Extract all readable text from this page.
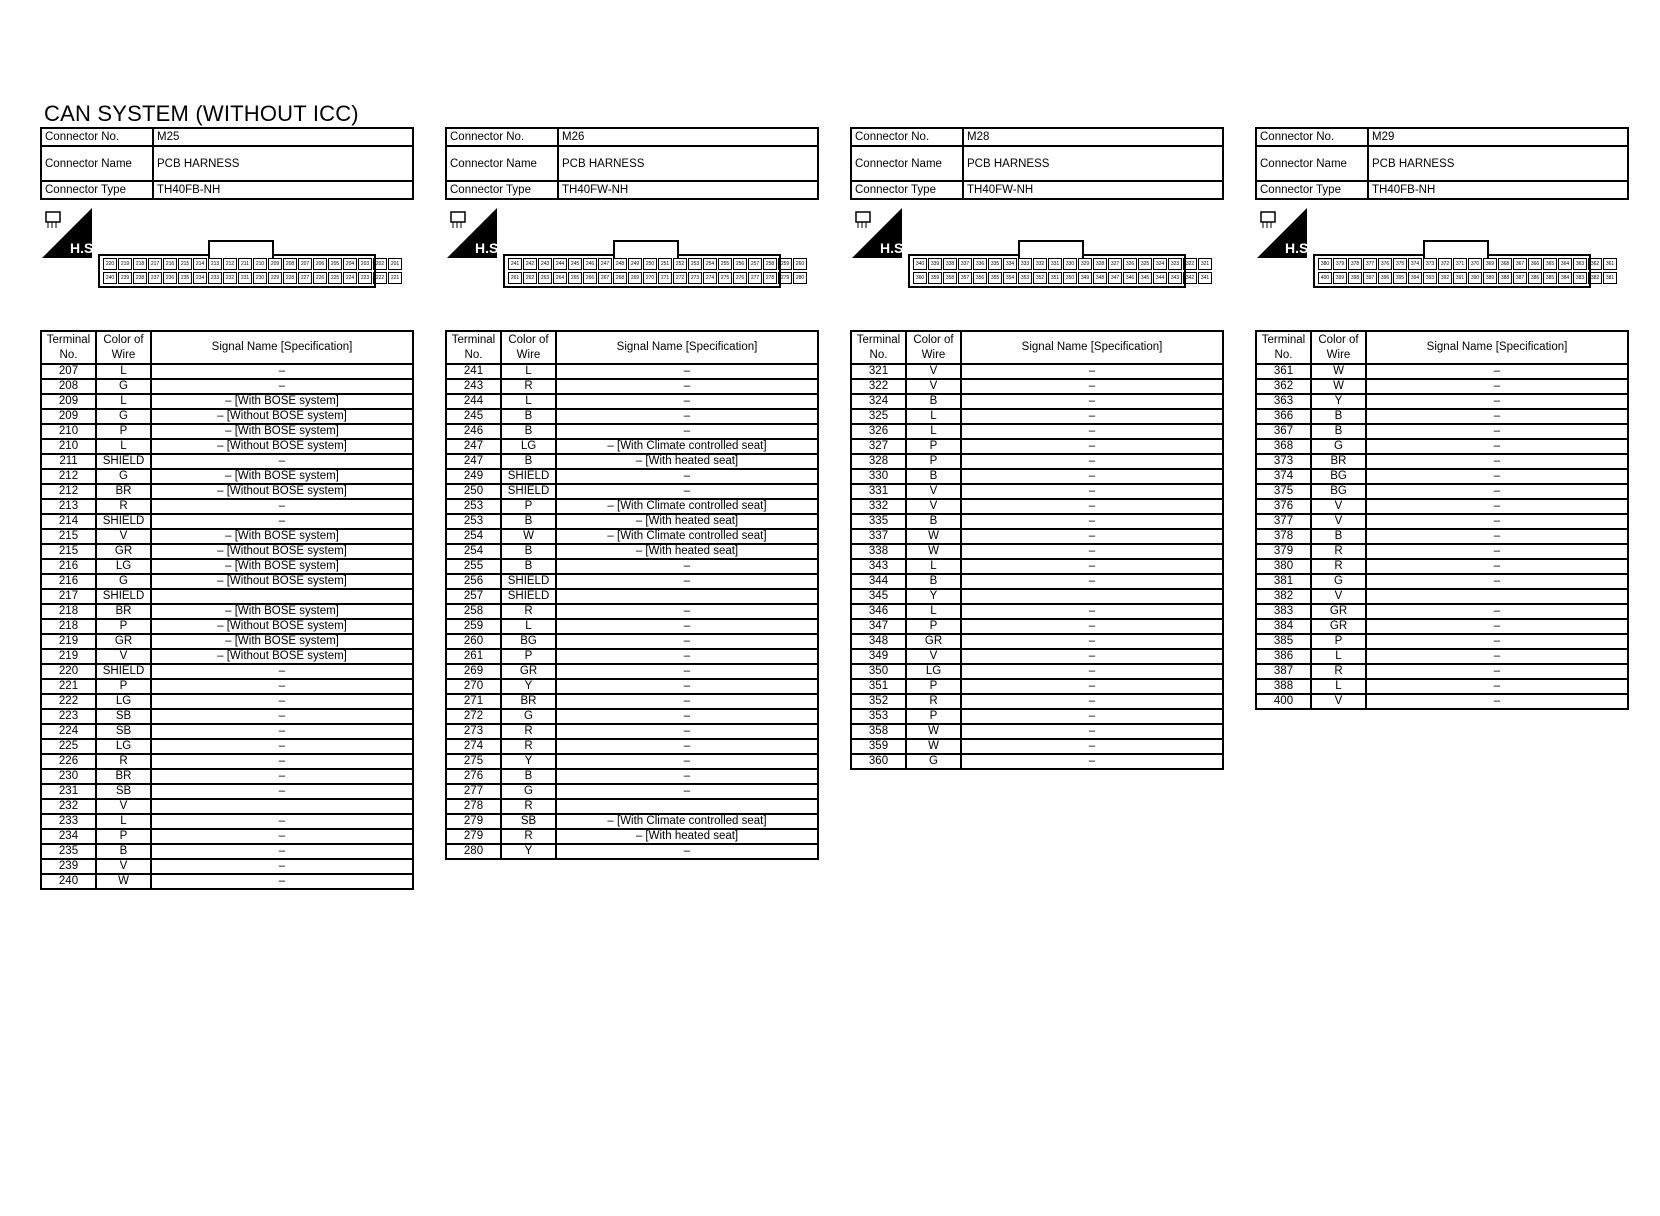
CAN SYSTEM (WITHOUT ICC)
Connector No.	M25
Connector Name	PCB HARNESS
Connector Type	TH40FB-NH
H.S.
220	219	218	217	216	215	214	213	212	211	210	209	208	207	206	205	204	203	202	201
240	239	238	237	236	235	234	233	232	231	230	229	228	227	226	225	224	223	222	221
Terminal No.	Color of Wire	Signal Name [Specification]
207	L	–
208	G	–
209	L	– [With BOSE system]
209	G	– [Without BOSE system]
210	P	– [With BOSE system]
210	L	– [Without BOSE system]
211	SHIELD	–
212	G	– [With BOSE system]
212	BR	– [Without BOSE system]
213	R	–
214	SHIELD	–
215	V	– [With BOSE system]
215	GR	– [Without BOSE system]
216	LG	– [With BOSE system]
216	G	– [Without BOSE system]
217	SHIELD	
218	BR	– [With BOSE system]
218	P	– [Without BOSE system]
219	GR	– [With BOSE system]
219	V	– [Without BOSE system]
220	SHIELD	–
221	P	–
222	LG	–
223	SB	–
224	SB	–
225	LG	–
226	R	–
230	BR	–
231	SB	–
232	V	
233	L	–
234	P	–
235	B	–
239	V	–
240	W	–
Connector No.	M26
Connector Name	PCB HARNESS
Connector Type	TH40FW-NH
H.S.
241	242	243	244	245	246	247	248	249	250	251	252	253	254	255	256	257	258	259	260
261	262	263	264	265	266	267	268	269	270	271	272	273	274	275	276	277	278	279	280
Terminal No.	Color of Wire	Signal Name [Specification]
241	L	–
243	R	–
244	L	–
245	B	–
246	B	–
247	LG	– [With Climate controlled seat]
247	B	– [With heated seat]
249	SHIELD	–
250	SHIELD	–
253	P	– [With Climate controlled seat]
253	B	– [With heated seat]
254	W	– [With Climate controlled seat]
254	B	– [With heated seat]
255	B	–
256	SHIELD	–
257	SHIELD	
258	R	–
259	L	–
260	BG	–
261	P	–
269	GR	–
270	Y	–
271	BR	–
272	G	–
273	R	–
274	R	–
275	Y	–
276	B	–
277	G	–
278	R	
279	SB	– [With Climate controlled seat]
279	R	– [With heated seat]
280	Y	–
Connector No.	M28
Connector Name	PCB HARNESS
Connector Type	TH40FW-NH
H.S.
340	339	338	337	336	335	334	333	332	331	330	329	328	327	326	325	324	323	322	321
360	359	358	357	356	355	354	353	352	351	350	349	348	347	346	345	344	343	342	341
Terminal No.	Color of Wire	Signal Name [Specification]
321	V	–
322	V	–
324	B	–
325	L	–
326	L	–
327	P	–
328	P	–
330	B	–
331	V	–
332	V	–
335	B	–
337	W	–
338	W	–
343	L	–
344	B	–
345	Y	
346	L	–
347	P	–
348	GR	–
349	V	–
350	LG	–
351	P	–
352	R	–
353	P	–
358	W	–
359	W	–
360	G	–
Connector No.	M29
Connector Name	PCB HARNESS
Connector Type	TH40FB-NH
H.S.
380	379	378	377	376	375	374	373	372	371	370	369	368	367	366	365	364	363	362	361
400	399	398	397	396	395	394	393	392	391	390	389	388	387	386	385	384	383	382	381
Terminal No.	Color of Wire	Signal Name [Specification]
361	W	–
362	W	–
363	Y	–
366	B	–
367	B	–
368	G	–
373	BR	–
374	BG	–
375	BG	–
376	V	–
377	V	–
378	B	–
379	R	–
380	R	–
381	G	–
382	V	
383	GR	–
384	GR	–
385	P	–
386	L	–
387	R	–
388	L	–
400	V	–
